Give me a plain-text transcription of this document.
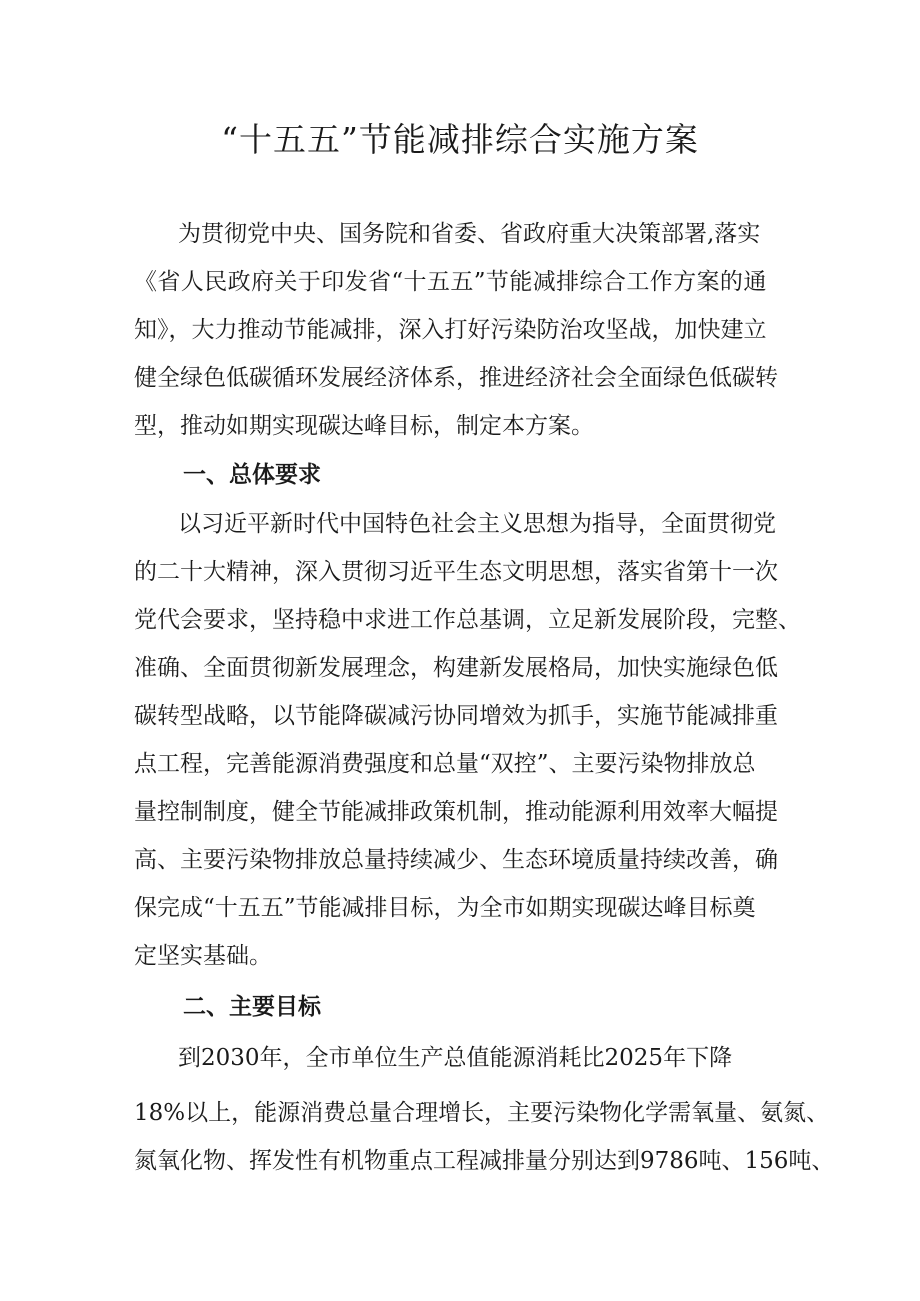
“十五五”节能减排综合实施方案

为贯彻党中央、国务院和省委、省政府重大决策部署,落实

《省人民政府关于印发省“十五五”节能减排综合工作方案的通

知》，大力推动节能减排，深入打好污染防治攻坚战，加快建立

健全绿色低碳循环发展经济体系，推进经济社会全面绿色低碳转

型，推动如期实现碳达峰目标，制定本方案。

一、总体要求

以习近平新时代中国特色社会主义思想为指导，全面贯彻党

的二十大精神，深入贯彻习近平生态文明思想，落实省第十一次

党代会要求，坚持稳中求进工作总基调，立足新发展阶段，完整、

准确、全面贯彻新发展理念，构建新发展格局，加快实施绿色低

碳转型战略，以节能降碳减污协同增效为抓手，实施节能减排重

点工程，完善能源消费强度和总量“双控”、主要污染物排放总

量控制制度，健全节能减排政策机制，推动能源利用效率大幅提

高、主要污染物排放总量持续减少、生态环境质量持续改善，确

保完成“十五五”节能减排目标，为全市如期实现碳达峰目标奠

定坚实基础。

二、主要目标

到2030年，全市单位生产总值能源消耗比2025年下降

18%以上，能源消费总量合理增长，主要污染物化学需氧量、氨氮、

氮氧化物、挥发性有机物重点工程减排量分别达到9786吨、156吨、
